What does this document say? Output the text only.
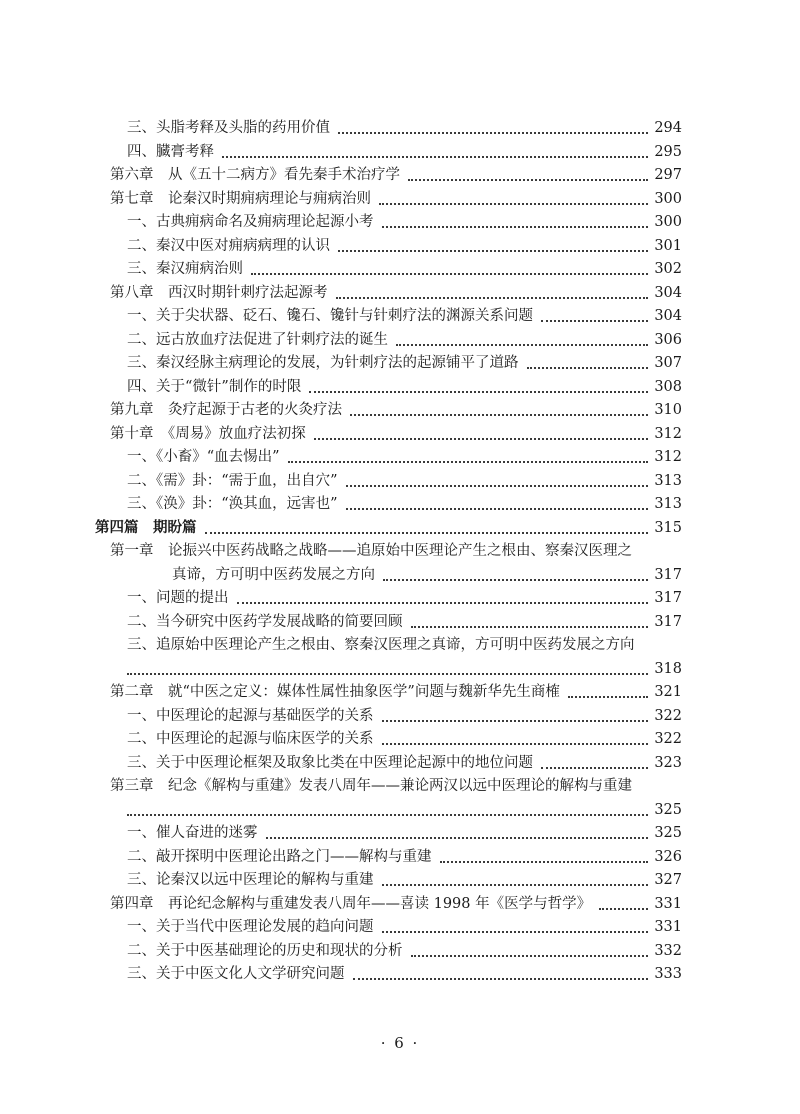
三、头脂考释及头脂的药用价值	294
四、臓膏考释	295
第六章　从《五十二病方》看先秦手术治疗学	297
第七章　论秦汉时期痈病理论与痈病治则	300
一、古典痈病命名及痈病理论起源小考	300
二、秦汉中医对痈病病理的认识	301
三、秦汉痈病治则	302
第八章　西汉时期针刺疗法起源考	304
一、关于尖状器、砭石、镵石、镵针与针刺疗法的渊源关系问题	304
二、远古放血疗法促进了针刺疗法的诞生	306
三、秦汉经脉主病理论的发展，为针刺疗法的起源铺平了道路	307
四、关于“微针”制作的时限	308
第九章　灸疗起源于古老的火灸疗法	310
第十章　《周易》放血疗法初探	312
一、《小畜》“血去惕出”	312
二、《需》卦：“需于血，出自穴”	313
三、《涣》卦：“涣其血，远害也”	313
第四篇　期盼篇	315
第一章　论振兴中医药战略之战略——追原始中医理论产生之根由、察秦汉医理之
真谛，方可明中医药发展之方向	317
一、问题的提出	317
二、当今研究中医药学发展战略的简要回顾	317
三、追原始中医理论产生之根由、察秦汉医理之真谛，方可明中医药发展之方向
318
第二章　就“中医之定义：媒体性属性抽象医学”问题与魏新华先生商榷	321
一、中医理论的起源与基础医学的关系	322
二、中医理论的起源与临床医学的关系	322
三、关于中医理论框架及取象比类在中医理论起源中的地位问题	323
第三章　纪念《解构与重建》发表八周年——兼论两汉以远中医理论的解构与重建
325
一、催人奋进的迷雾	325
二、敲开探明中医理论出路之门——解构与重建	326
三、论秦汉以远中医理论的解构与重建	327
第四章　再论纪念解构与重建发表八周年——喜读 1998 年《医学与哲学》	331
一、关于当代中医理论发展的趋向问题	331
二、关于中医基础理论的历史和现状的分析	332
三、关于中医文化人文学研究问题	333
· 6 ·
